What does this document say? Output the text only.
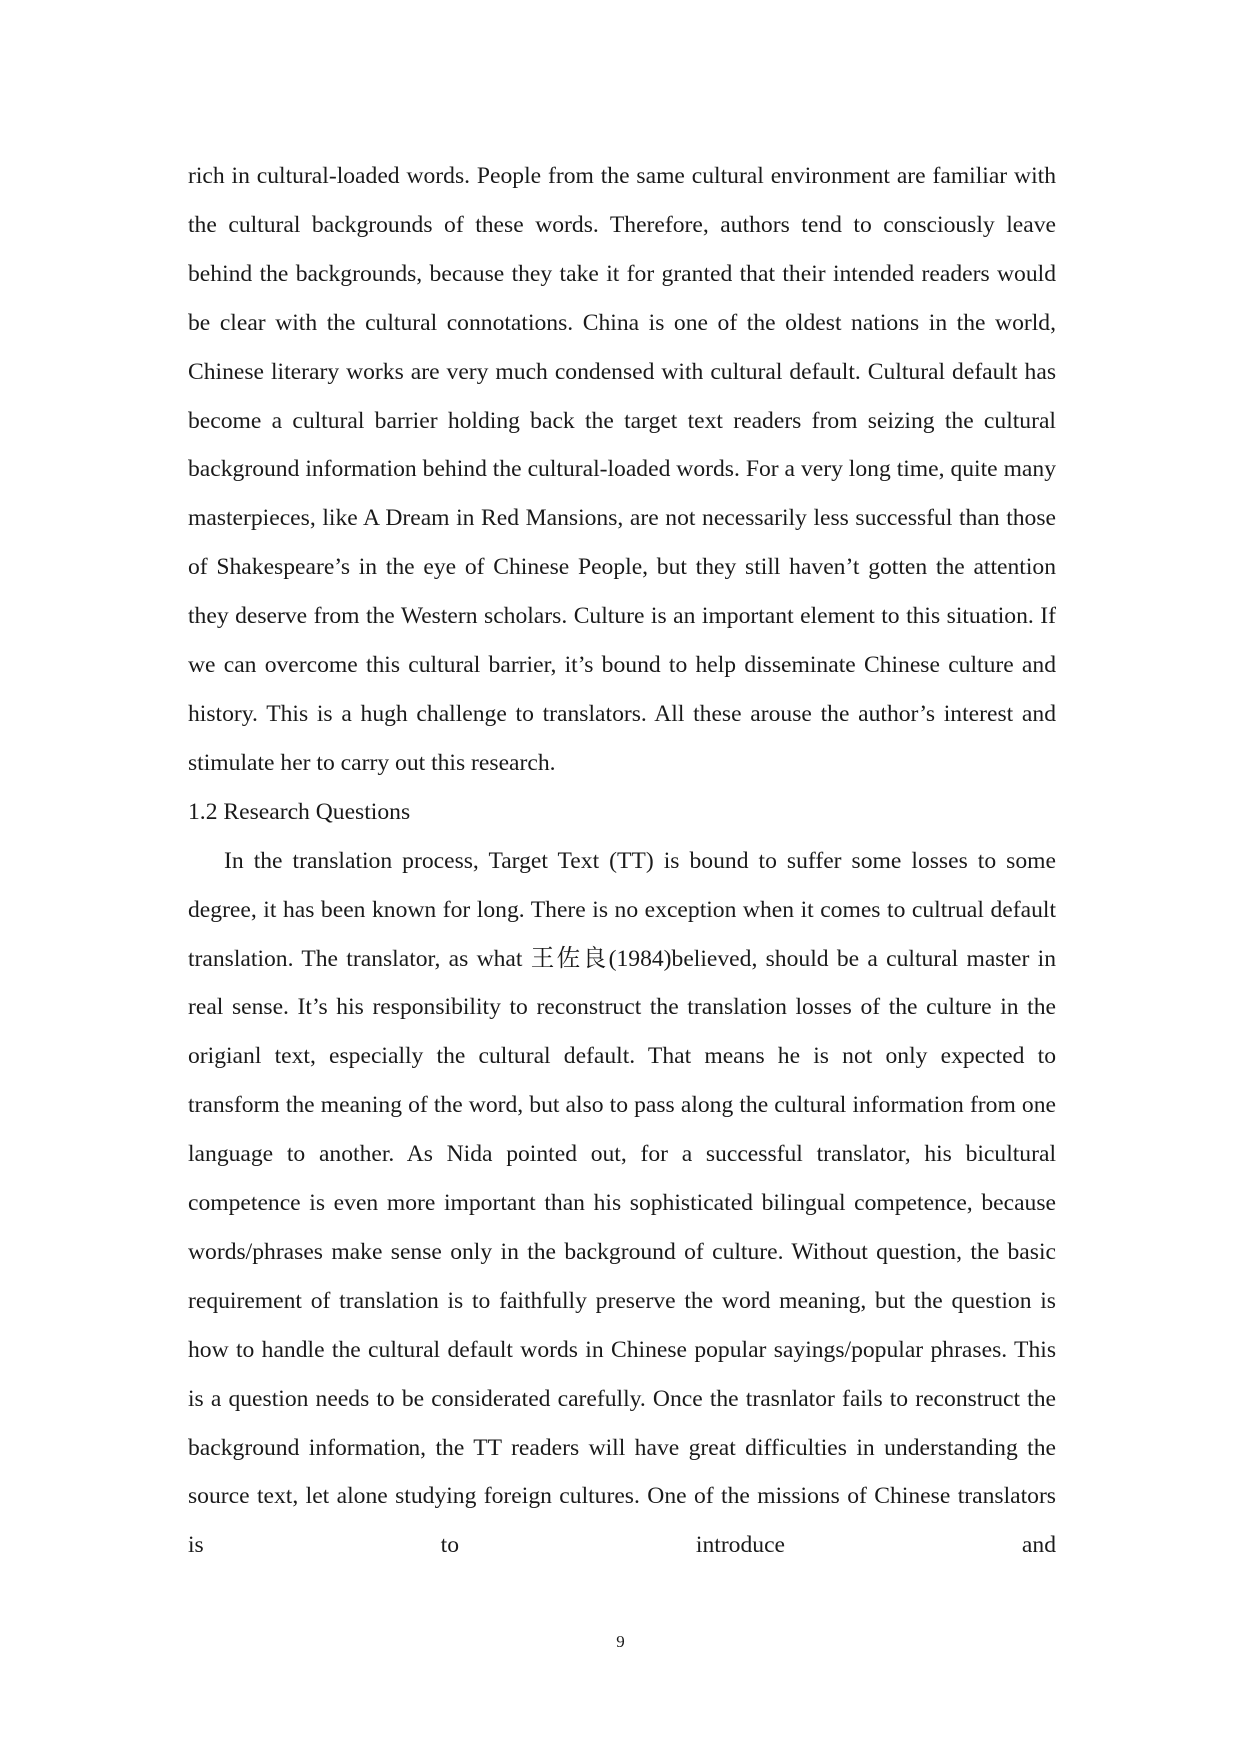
rich in cultural-loaded words. People from the same cultural environment are familiar with the cultural backgrounds of these words. Therefore, authors tend to consciously leave behind the backgrounds, because they take it for granted that their intended readers would be clear with the cultural connotations. China is one of the oldest nations in the world, Chinese literary works are very much condensed with cultural default. Cultural default has become a cultural barrier holding back the target text readers from seizing the cultural background information behind the cultural-loaded words. For a very long time, quite many masterpieces, like A Dream in Red Mansions, are not necessarily less successful than those of Shakespeare’s in the eye of Chinese People, but they still haven’t gotten the attention they deserve from the Western scholars. Culture is an important element to this situation. If we can overcome this cultural barrier, it’s bound to help disseminate Chinese culture and history. This is a hugh challenge to translators. All these arouse the author’s interest and stimulate her to carry out this research.

1.2 Research Questions

In the translation process, Target Text (TT) is bound to suffer some losses to some degree, it has been known for long. There is no exception when it comes to cultrual default translation. The translator, as what 王佐良(1984)believed, should be a cultural master in real sense. It’s his responsibility to reconstruct the translation losses of the culture in the origianl text, especially the cultural default. That means he is not only expected to transform the meaning of the word, but also to pass along the cultural information from one language to another. As Nida pointed out, for a successful translator, his bicultural competence is even more important than his sophisticated bilingual competence, because words/phrases make sense only in the background of culture. Without question, the basic requirement of translation is to faithfully preserve the word meaning, but the question is how to handle the cultural default words in Chinese popular sayings/popular phrases. This is a question needs to be considerated carefully. Once the trasnlator fails to reconstruct the background information, the TT readers will have great difficulties in understanding the source text, let alone studying foreign cultures. One of the missions of Chinese translators is to introduce and

9
